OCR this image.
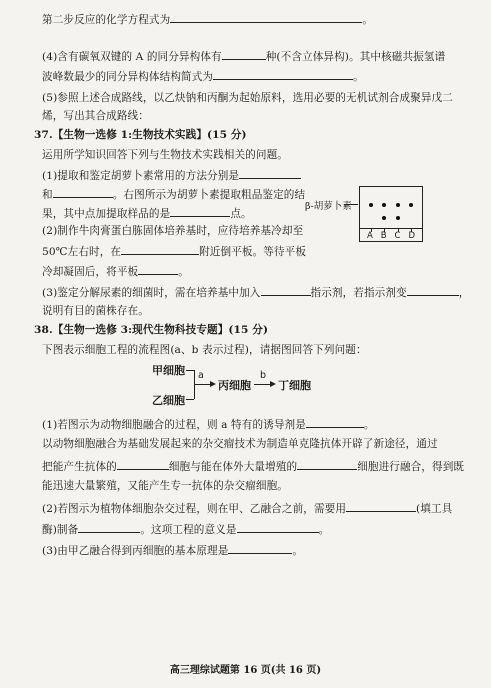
第二步反应的化学方程式为	。
(4)含有碳氧双键的 A 的同分异构体有	种(不含立体异构)。其中核磁共振氢谱
波峰数最少的同分异构体结构简式为	。
(5)参照上述合成路线，以乙炔钠和丙酮为起始原料，选用必要的无机试剂合成聚异戊二
烯，写出其合成路线：
37.【生物一选修 1:生物技术实践】(15 分)
运用所学知识回答下列与生物技术实践相关的问题。
(1)提取和鉴定胡萝卜素常用的方法分别是
和	。右图所示为胡萝卜素提取粗品鉴定的结
果，其中点加提取样品的是	点。
(2)制作牛肉膏蛋白胨固体培养基时，应待培养基冷却至
50℃左右时，在	附近倒平板。等待平板
冷却凝固后，将平板	。
(3)鉴定分解尿素的细菌时，需在培养基中加入	指示剂，若指示剂变	，
说明有目的菌株存在。
β-胡萝卜素
A B C D
38.【生物一选修 3:现代生物科技专题】(15 分)
下图表示细胞工程的流程图(a、b 表示过程)，请据图回答下列问题：
甲细胞
乙细胞
a
丙细胞
b
丁细胞
(1)若图示为动物细胞融合的过程，则 a 特有的诱导剂是	。
以动物细胞融合为基础发展起来的杂交瘤技术为制造单克隆抗体开辟了新途径，通过
把能产生抗体的	细胞与能在体外大量增殖的	细胞进行融合，得到既
能迅速大量繁殖，又能产生专一抗体的杂交瘤细胞。
(2)若图示为植物体细胞杂交过程，则在甲、乙融合之前，需要用	(填工具
酶)制备	。这项工程的意义是	。
(3)由甲乙融合得到丙细胞的基本原理是	。
高三理综试题第 16 页(共 16 页)
